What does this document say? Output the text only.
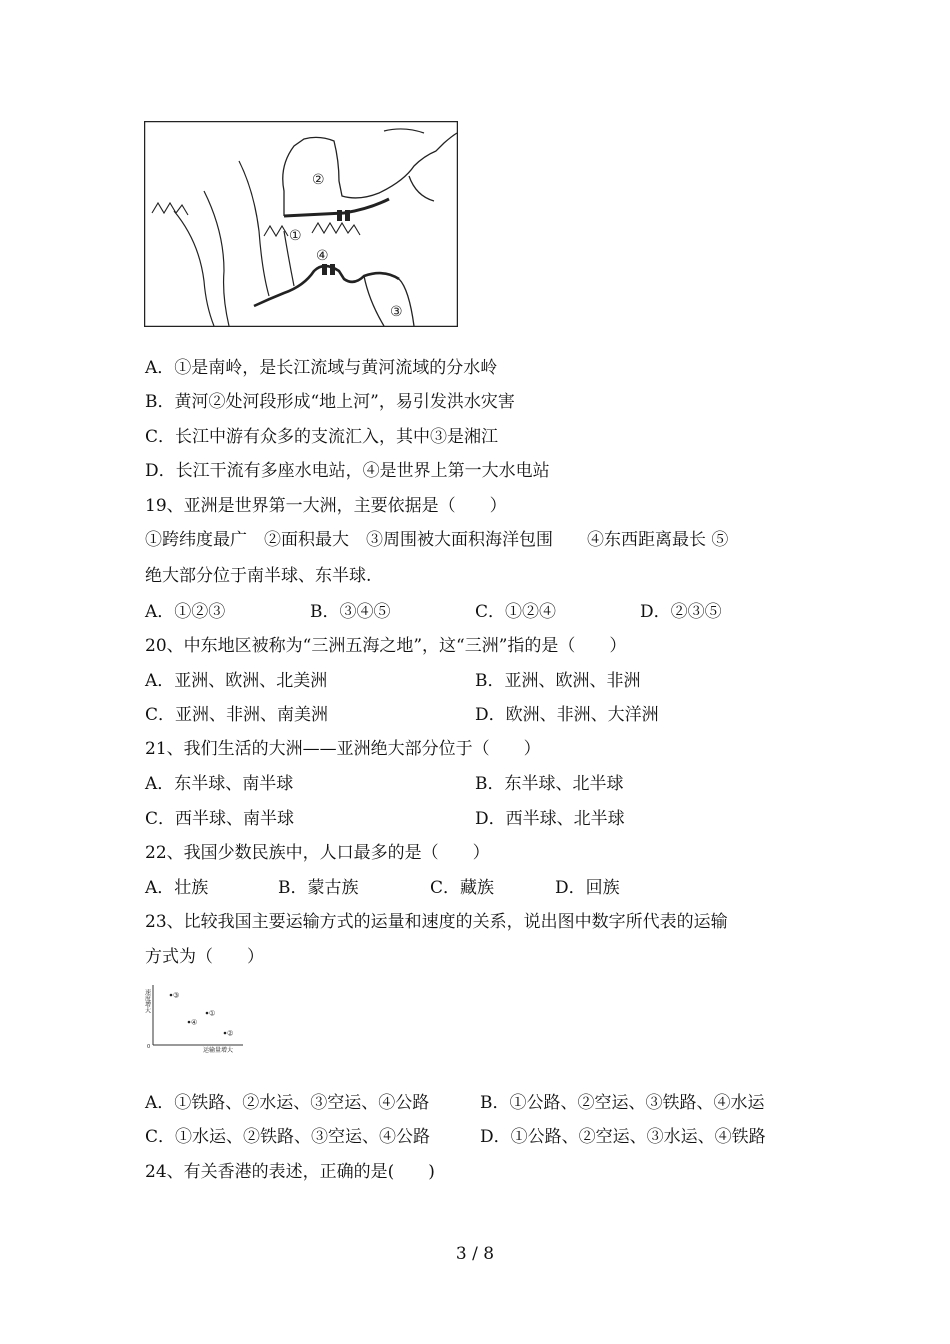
②
①
④
③
A．①是南岭，是长江流域与黄河流域的分水岭
B．黄河②处河段形成“地上河”，易引发洪水灾害
C．长江中游有众多的支流汇入，其中③是湘江
D．长江干流有多座水电站，④是世界上第一大水电站
19、亚洲是世界第一大洲，主要依据是（　　）
①跨纬度最广　②面积最大　③周围被大面积海洋包围　　④东西距离最长 ⑤
绝大部分位于南半球、东半球.
A．①②③	B．③④⑤	C．①②④	D．②③⑤
20、中东地区被称为“三洲五海之地”，这“三洲”指的是（　　）
A．亚洲、欧洲、北美洲	B．亚洲、欧洲、非洲
C．亚洲、非洲、南美洲	D．欧洲、非洲、大洋洲
21、我们生活的大洲——亚洲绝大部分位于（　　）
A．东半球、南半球	B．东半球、北半球
C．西半球、南半球	D．西半球、北半球
22、我国少数民族中，人口最多的是（　　）
A．壮族	B．蒙古族	C．藏族	D．回族
23、比较我国主要运输方式的运量和速度的关系，说出图中数字所代表的运输
方式为（　　）
速度增大
运输量增大
0
③
①
④
②
A．①铁路、②水运、③空运、④公路	B．①公路、②空运、③铁路、④水运
C．①水运、②铁路、③空运、④公路	D．①公路、②空运、③水运、④铁路
24、有关香港的表述，正确的是(　　)
3 / 8
